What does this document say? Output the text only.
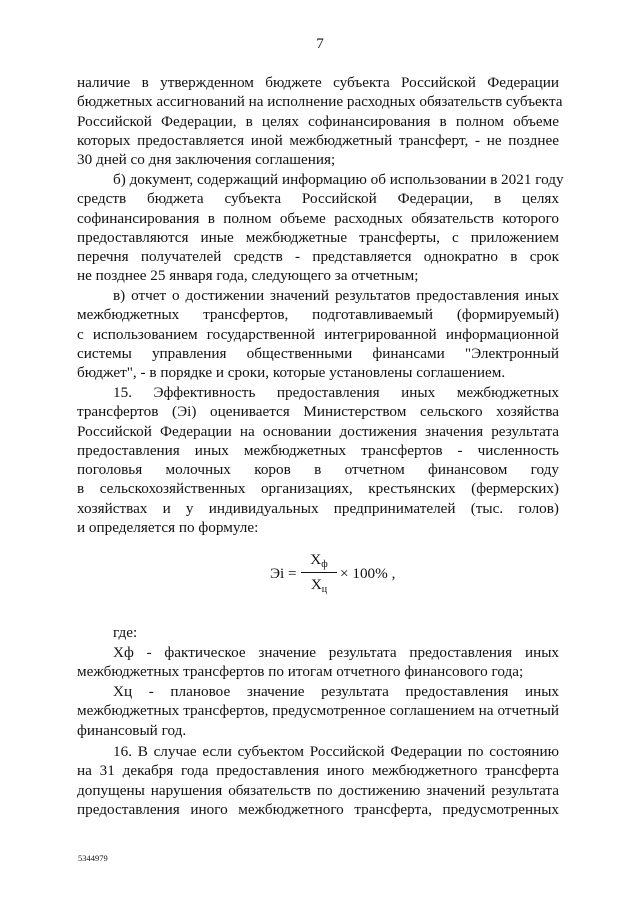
7
наличие в утвержденном бюджете субъекта Российской Федерации
бюджетных ассигнований на исполнение расходных обязательств субъекта
Российской Федерации, в целях софинансирования в полном объеме
которых предоставляется иной межбюджетный трансферт, - не позднее
30 дней со дня заключения соглашения;
б) документ, содержащий информацию об использовании в 2021 году
средств бюджета субъекта Российской Федерации, в целях
софинансирования в полном объеме расходных обязательств которого
предоставляются иные межбюджетные трансферты, с приложением
перечня получателей средств - представляется однократно в срок
не позднее 25 января года, следующего за отчетным;
в) отчет о достижении значений результатов предоставления иных
межбюджетных трансфертов, подготавливаемый (формируемый)
с использованием государственной интегрированной информационной
системы управления общественными финансами "Электронный
бюджет", - в порядке и сроки, которые установлены соглашением.
15. Эффективность предоставления иных межбюджетных
трансфертов (Эi) оценивается Министерством сельского хозяйства
Российской Федерации на основании достижения значения результата
предоставления иных межбюджетных трансфертов - численность
поголовья молочных коров в отчетном финансовом году
в сельскохозяйственных организациях, крестьянских (фермерских)
хозяйствах и у индивидуальных предпринимателей (тыс. голов)
и определяется по формуле:
Эi =
$X_ф$
$X_ц$
× 100% ,
где:
Xф - фактическое значение результата предоставления иных
межбюджетных трансфертов по итогам отчетного финансового года;
Xц - плановое значение результата предоставления иных
межбюджетных трансфертов, предусмотренное соглашением на отчетный
финансовый год.
16. В случае если субъектом Российской Федерации по состоянию
на 31 декабря года предоставления иного межбюджетного трансферта
допущены нарушения обязательств по достижению значений результата
предоставления иного межбюджетного трансферта, предусмотренных
5344979
